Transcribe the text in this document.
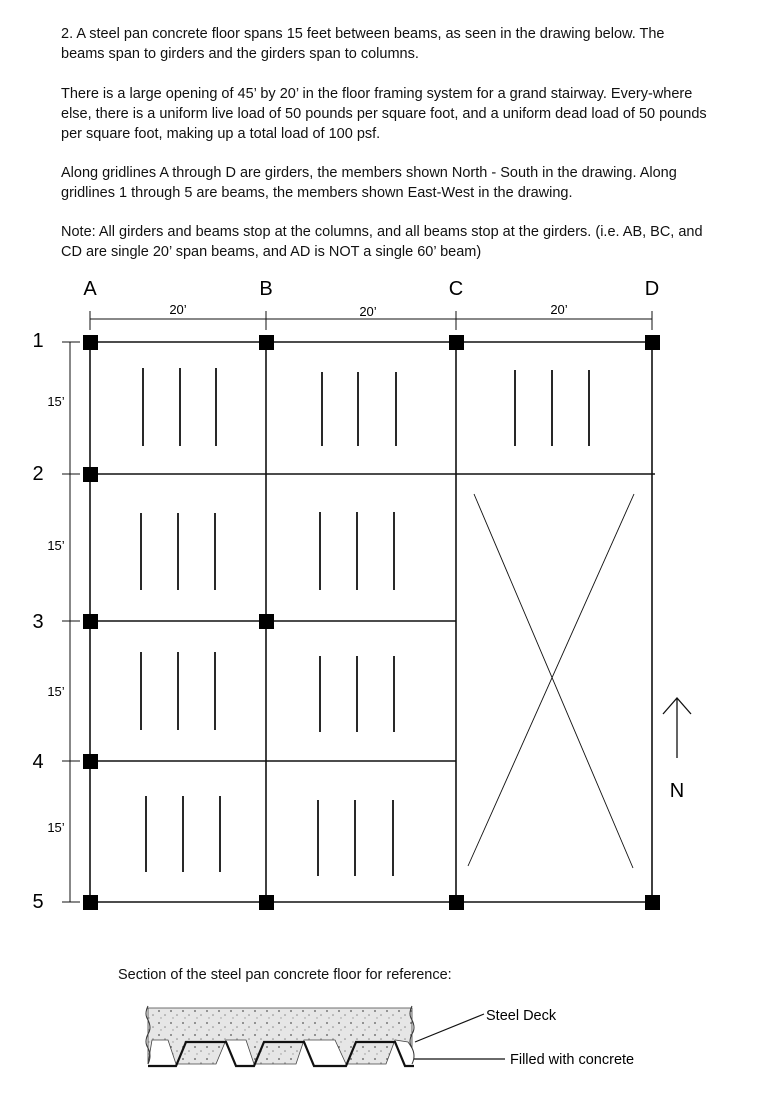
2. A steel pan concrete floor spans 15 feet between beams, as seen in the drawing below. The beams span to girders and the girders span to columns.

There is a large opening of 45’ by 20’ in the floor framing system for a grand stairway. Every-where else, there is a uniform live load of 50 pounds per square foot, and a uniform dead load of 50 pounds per square foot, making up a total load of 100 psf.

Along gridlines A through D are girders, the members shown North - South in the drawing. Along gridlines 1 through 5 are beams, the members shown East-West in the drawing.

Note: All girders and beams stop at the columns, and all beams stop at the girders. (i.e. AB, BC, and CD are single 20’ span beams, and AD is NOT a single 60’ beam)

A	B	C	D
20’	20’	20’
1
2
3
4
5
15’
15’
15’
15’
N
Section of the steel pan concrete floor for reference:
Steel Deck
Filled with concrete
